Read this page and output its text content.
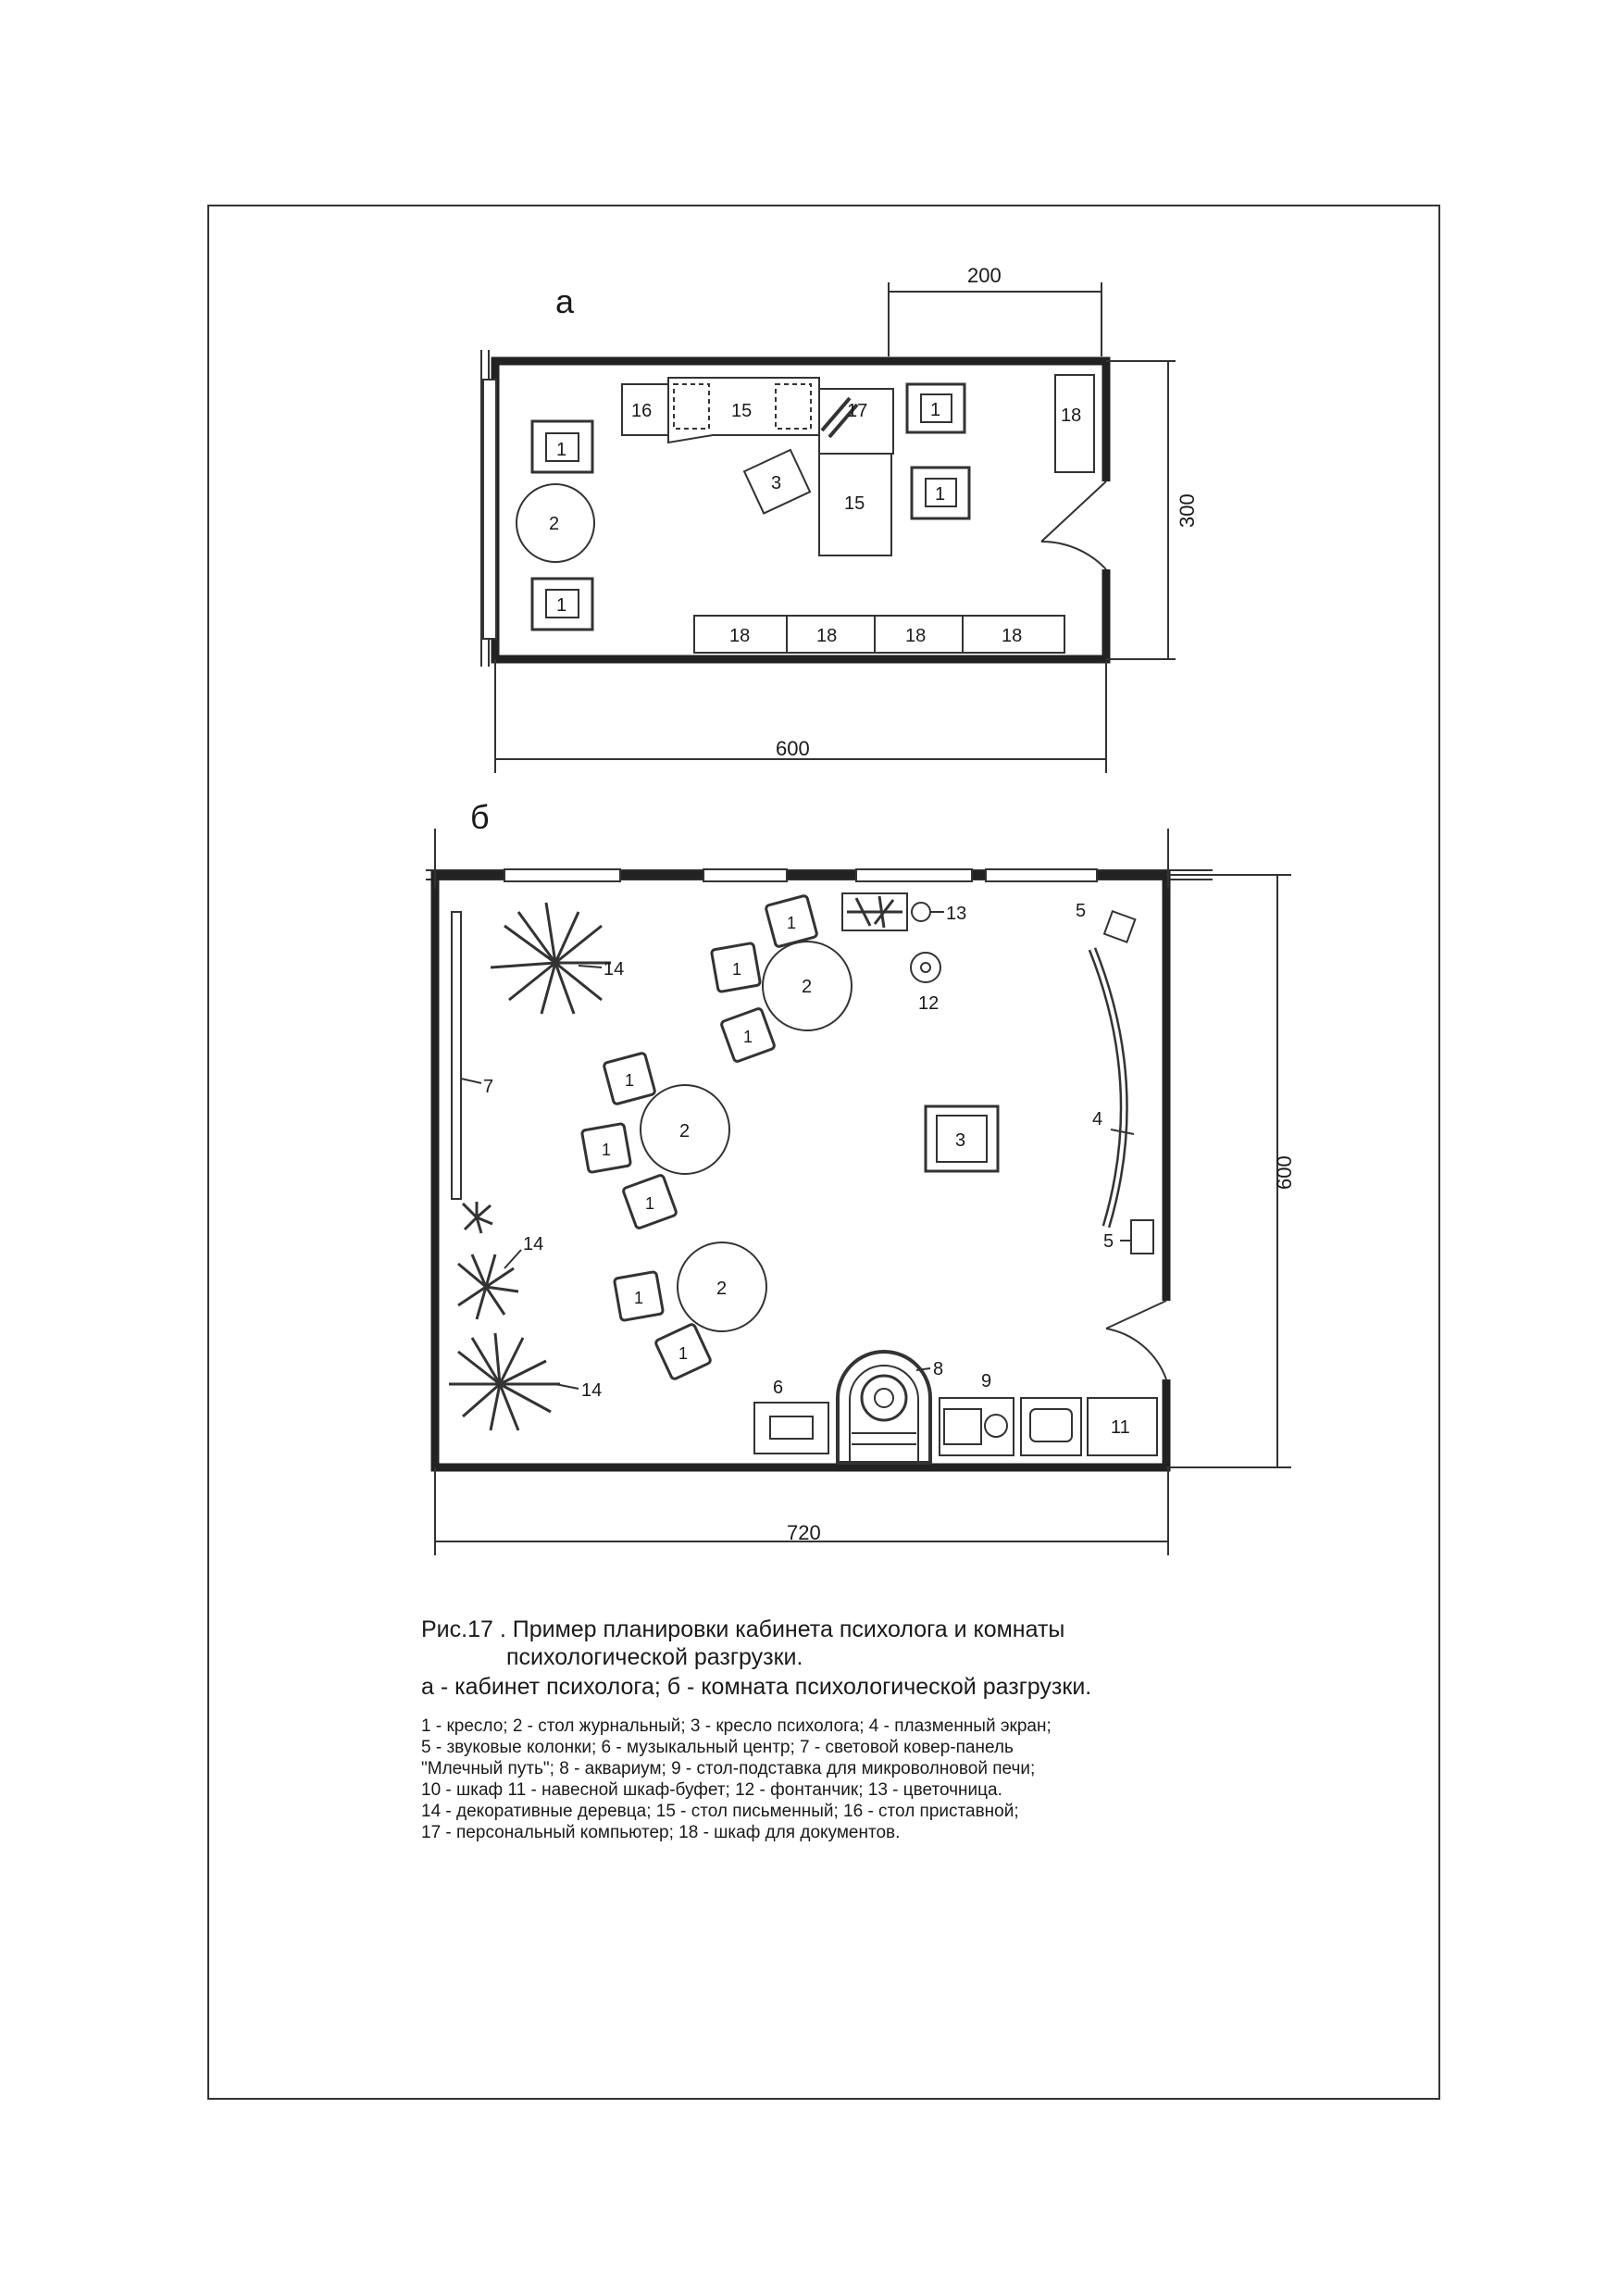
а
200
300
600
16	15	17
15
3
1
1
1
1
2
18
18	18	18	18
б
600
720
7
14
14
14
2
1
1
1
2
1
1
1
2
1
1
13
12
3
4
5
5
6
8
9
11
Рис.17 . Пример планировки кабинета психолога и комнаты
психологической разгрузки.
а - кабинет психолога; б - комната психологической разгрузки.
1 - кресло; 2 - стол журнальный; 3 - кресло психолога; 4 - плазменный экран;
5 - звуковые колонки; 6 - музыкальный центр; 7 - световой ковер-панель
"Млечный путь"; 8 - аквариум; 9 - стол-подставка для микроволновой печи;
10 - шкаф 11 - навесной шкаф-буфет; 12 - фонтанчик; 13 - цветочница.
14 - декоративные деревца; 15 - стол письменный; 16 - стол приставной;
17 - персональный компьютер; 18 - шкаф для документов.
